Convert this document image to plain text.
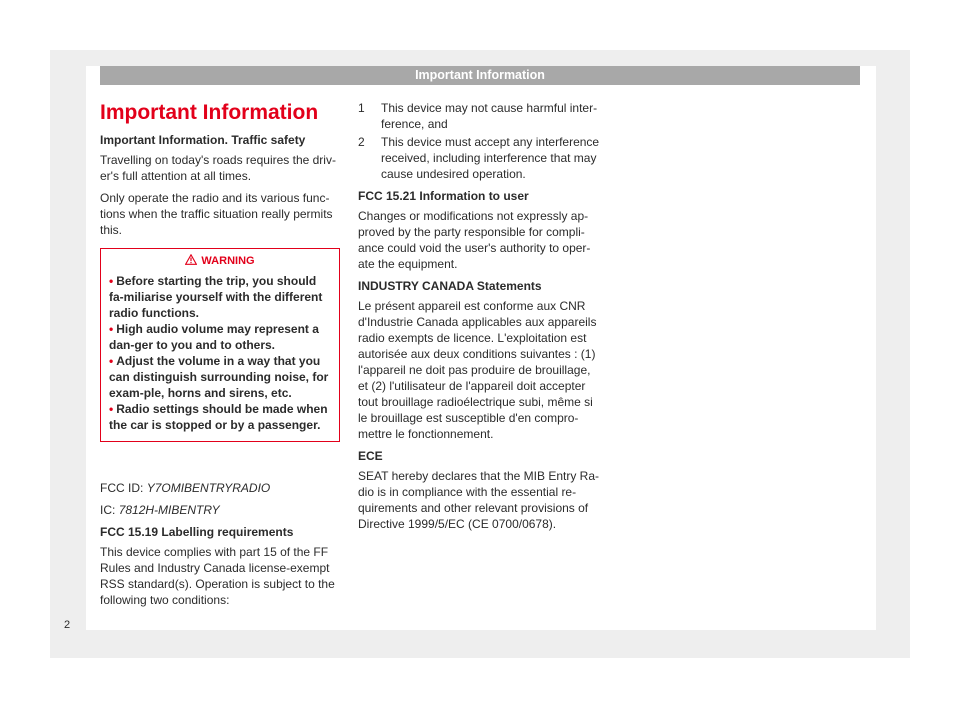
Important Information
Important Information
Important Information. Traffic safety

Travelling on today's roads requires the driv-er's full attention at all times.

Only operate the radio and its various func-tions when the traffic situation really permits this.

WARNING
• Before starting the trip, you should fa-miliarise yourself with the different radio functions.
• High audio volume may represent a dan-ger to you and to others.
• Adjust the volume in a way that you can distinguish surrounding noise, for exam-ple, horns and sirens, etc.
• Radio settings should be made when the car is stopped or by a passenger.

FCC ID: Y7OMIBENTRYRADIO

IC: 7812H-MIBENTRY

FCC 15.19 Labelling requirements

This device complies with part 15 of the FF Rules and Industry Canada license-exempt RSS standard(s). Operation is subject to the following two conditions:

1 This device may not cause harmful inter-ference, and
2 This device must accept any interference received, including interference that may cause undesired operation.
FCC 15.21 Information to user

Changes or modifications not expressly ap-proved by the party responsible for compli-ance could void the user's authority to oper-ate the equipment.

INDUSTRY CANADA Statements

Le présent appareil est conforme aux CNR d'Industrie Canada applicables aux appareils radio exempts de licence. L'exploitation est autorisée aux deux conditions suivantes : (1) l'appareil ne doit pas produire de brouillage, et (2) l'utilisateur de l'appareil doit accepter tout brouillage radioélectrique subi, même si le brouillage est susceptible d'en compro-mettre le fonctionnement.

ECE

SEAT hereby declares that the MIB Entry Ra-dio is in compliance with the essential re-quirements and other relevant provisions of Directive 1999/5/EC (CE 0700/0678).

2
